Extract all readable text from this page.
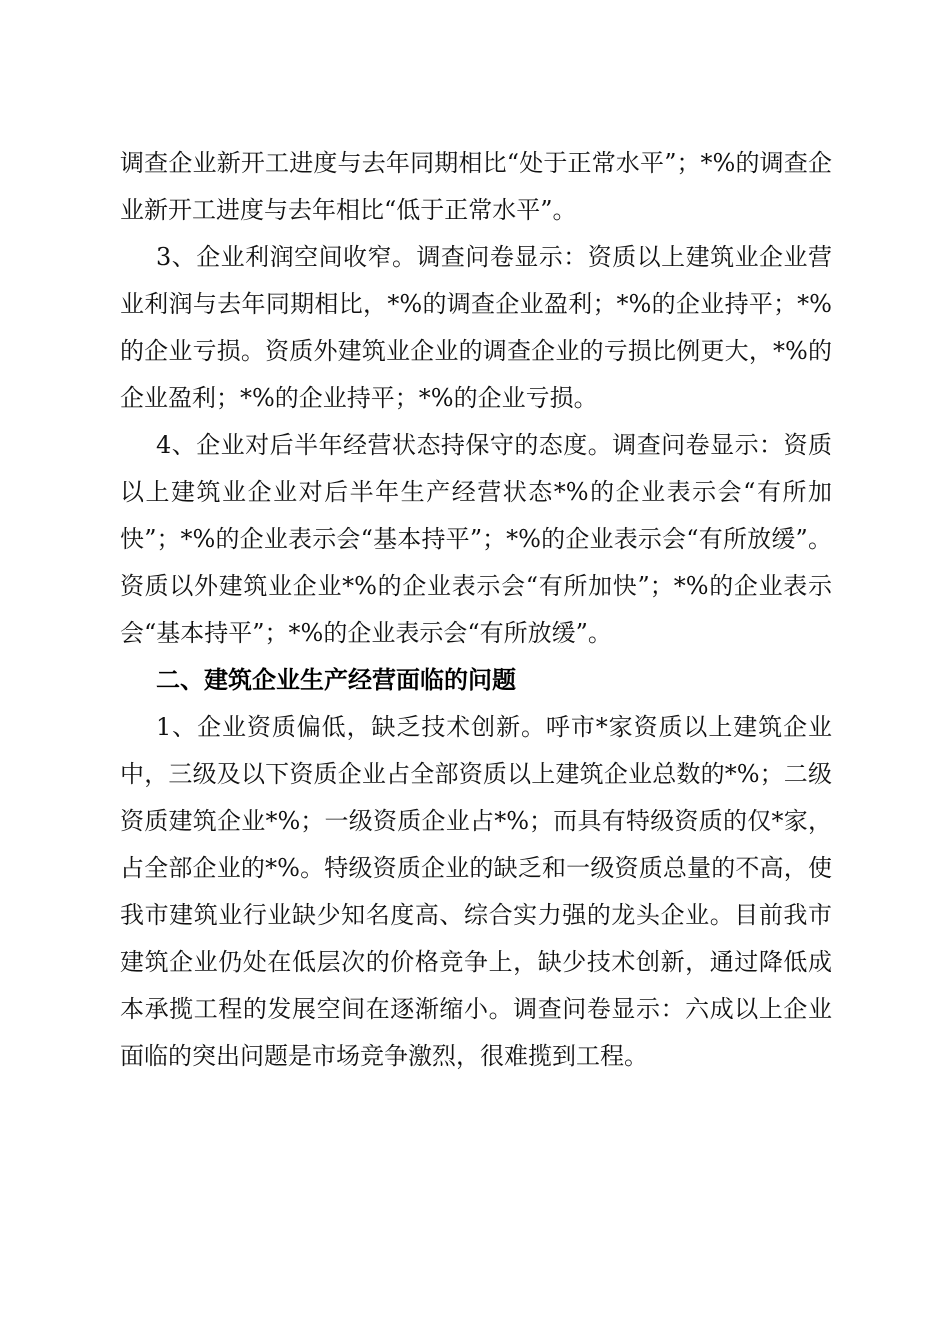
调查企业新开工进度与去年同期相比“处于正常水平”；*%的调查企业新开工进度与去年相比“低于正常水平”。

3、企业利润空间收窄。调查问卷显示：资质以上建筑业企业营业利润与去年同期相比，*%的调查企业盈利；*%的企业持平；*%的企业亏损。资质外建筑业企业的调查企业的亏损比例更大，*%的企业盈利；*%的企业持平；*%的企业亏损。

4、企业对后半年经营状态持保守的态度。调查问卷显示：资质以上建筑业企业对后半年生产经营状态*%的企业表示会“有所加快”；*%的企业表示会“基本持平”；*%的企业表示会“有所放缓”。资质以外建筑业企业*%的企业表示会“有所加快”；*%的企业表示会“基本持平”；*%的企业表示会“有所放缓”。

二、建筑企业生产经营面临的问题

1、企业资质偏低，缺乏技术创新。呼市*家资质以上建筑企业中，三级及以下资质企业占全部资质以上建筑企业总数的*%；二级资质建筑企业*%；一级资质企业占*%；而具有特级资质的仅*家，占全部企业的*%。特级资质企业的缺乏和一级资质总量的不高，使我市建筑业行业缺少知名度高、综合实力强的龙头企业。目前我市建筑企业仍处在低层次的价格竞争上，缺少技术创新，通过降低成本承揽工程的发展空间在逐渐缩小。调查问卷显示：六成以上企业面临的突出问题是市场竞争激烈，很难揽到工程。
